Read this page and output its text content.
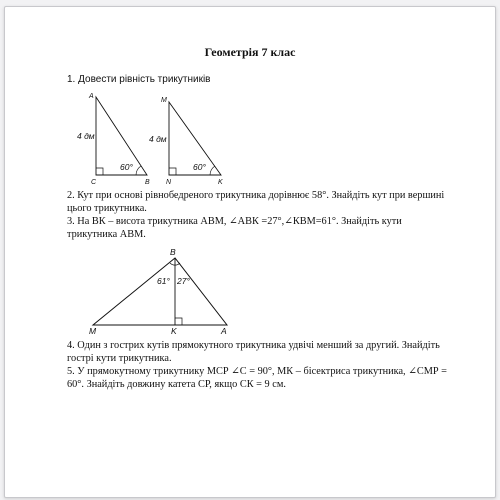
Геометрія 7 клас

1. Довести рівність трикутників

A
C	B
4 дм
60°
M
N	K
4 дм
60°
B
M	K	A
61° 27°

2. Кут при основі рівнобедреного трикутника дорівнює 58°. Знайдіть кут при вершині цього трикутника.

3. На ВК – висота трикутника АВМ, ∠АВК =27°,∠КВМ=61°. Знайдіть кути трикутника АВМ.

4. Один з гострих кутів прямокутного трикутника удвічі менший за другий. Знайдіть гострі кути трикутника.

5. У прямокутному трикутнику МСР ∠С = 90°, МК – бісектриса трикутника, ∠СМР = 60°. Знайдіть довжину катета СР, якщо СК = 9 см.
